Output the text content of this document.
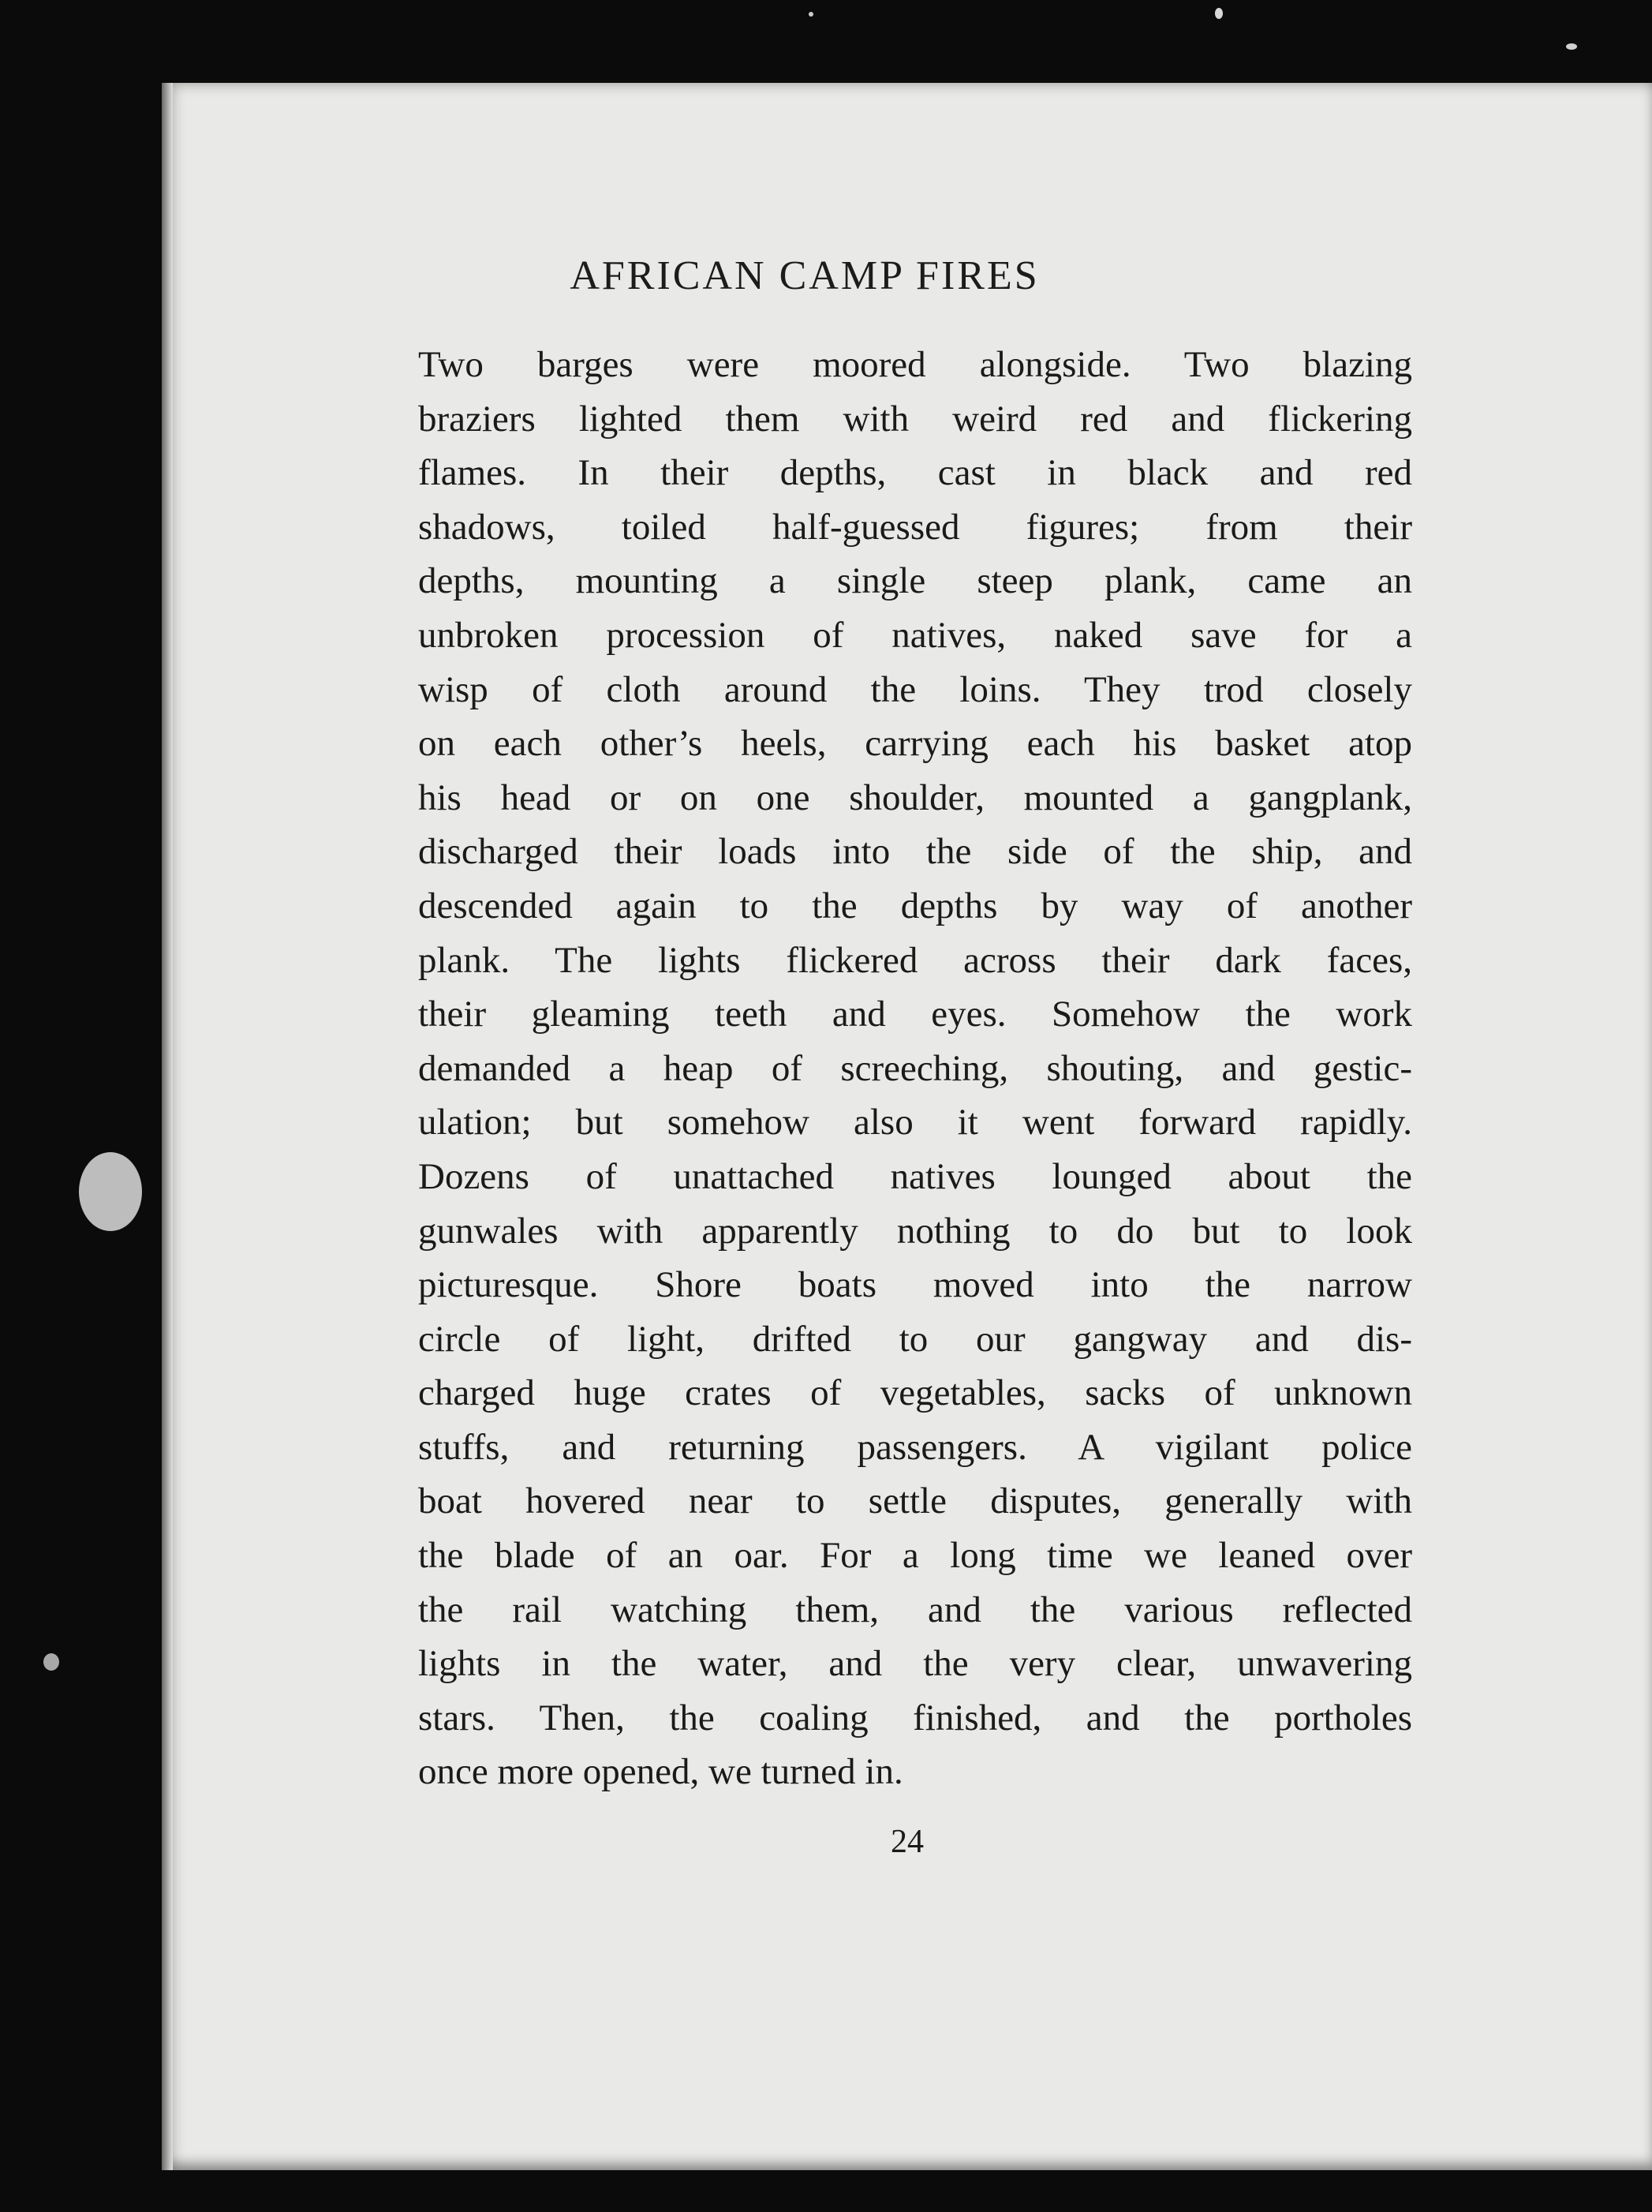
AFRICAN CAMP FIRES
Two barges were moored alongside. Two blazing
braziers lighted them with weird red and flickering
flames. In their depths, cast in black and red
shadows, toiled half-guessed figures; from their
depths, mounting a single steep plank, came an
unbroken procession of natives, naked save for a
wisp of cloth around the loins. They trod closely
on each other’s heels, carrying each his basket atop
his head or on one shoulder, mounted a gangplank,
discharged their loads into the side of the ship, and
descended again to the depths by way of another
plank. The lights flickered across their dark faces,
their gleaming teeth and eyes. Somehow the work
demanded a heap of screeching, shouting, and gestic-
ulation; but somehow also it went forward rapidly.
Dozens of unattached natives lounged about the
gunwales with apparently nothing to do but to look
picturesque. Shore boats moved into the narrow
circle of light, drifted to our gangway and dis-
charged huge crates of vegetables, sacks of unknown
stuffs, and returning passengers. A vigilant police
boat hovered near to settle disputes, generally with
the blade of an oar. For a long time we leaned over
the rail watching them, and the various reflected
lights in the water, and the very clear, unwavering
stars. Then, the coaling finished, and the portholes
once more opened, we turned in.
24
